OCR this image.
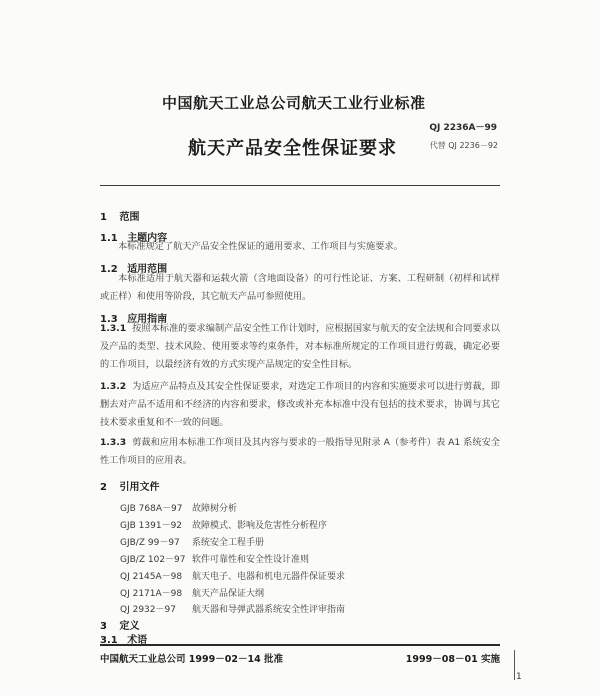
中国航天工业总公司航天工业行业标准
QJ 2236A－99
航天产品安全性保证要求	代替 QJ 2236－92
1 范围
1.1 主题内容
本标准规定了航天产品安全性保证的通用要求、工作项目与实施要求。
1.2 适用范围
本标准适用于航天器和运载火箭（含地面设备）的可行性论证、方案、工程研制（初样和试样或正样）和使用等阶段，其它航天产品可参照使用。
1.3 应用指南
1.3.1 按照本标准的要求编制产品安全性工作计划时，应根据国家与航天的安全法规和合同要求以及产品的类型、技术风险、使用要求等约束条件，对本标准所规定的工作项目进行剪裁，确定必要的工作项目，以最经济有效的方式实现产品规定的安全性目标。
1.3.2 为适应产品特点及其安全性保证要求，对选定工作项目的内容和实施要求可以进行剪裁，即删去对产品不适用和不经济的内容和要求，修改或补充本标准中没有包括的技术要求，协调与其它技术要求重复和不一致的问题。
1.3.3 剪裁和应用本标准工作项目及其内容与要求的一般指导见附录 A（参考件）表 A1 系统安全性工作项目的应用表。
2 引用文件
GJB 768A－97 故障树分析
GJB 1391－92 故障模式、影响及危害性分析程序
GJB/Z 99－97 系统安全工程手册
GJB/Z 102－97 软件可靠性和安全性设计准则
QJ 2145A－98 航天电子、电器和机电元器件保证要求
QJ 2171A－98 航天产品保证大纲
QJ 2932－97 航天器和导弹武器系统安全性评审指南
3 定义
3.1 术语
中国航天工业总公司 1999－02－14 批准	1999－08－01 实施
1
